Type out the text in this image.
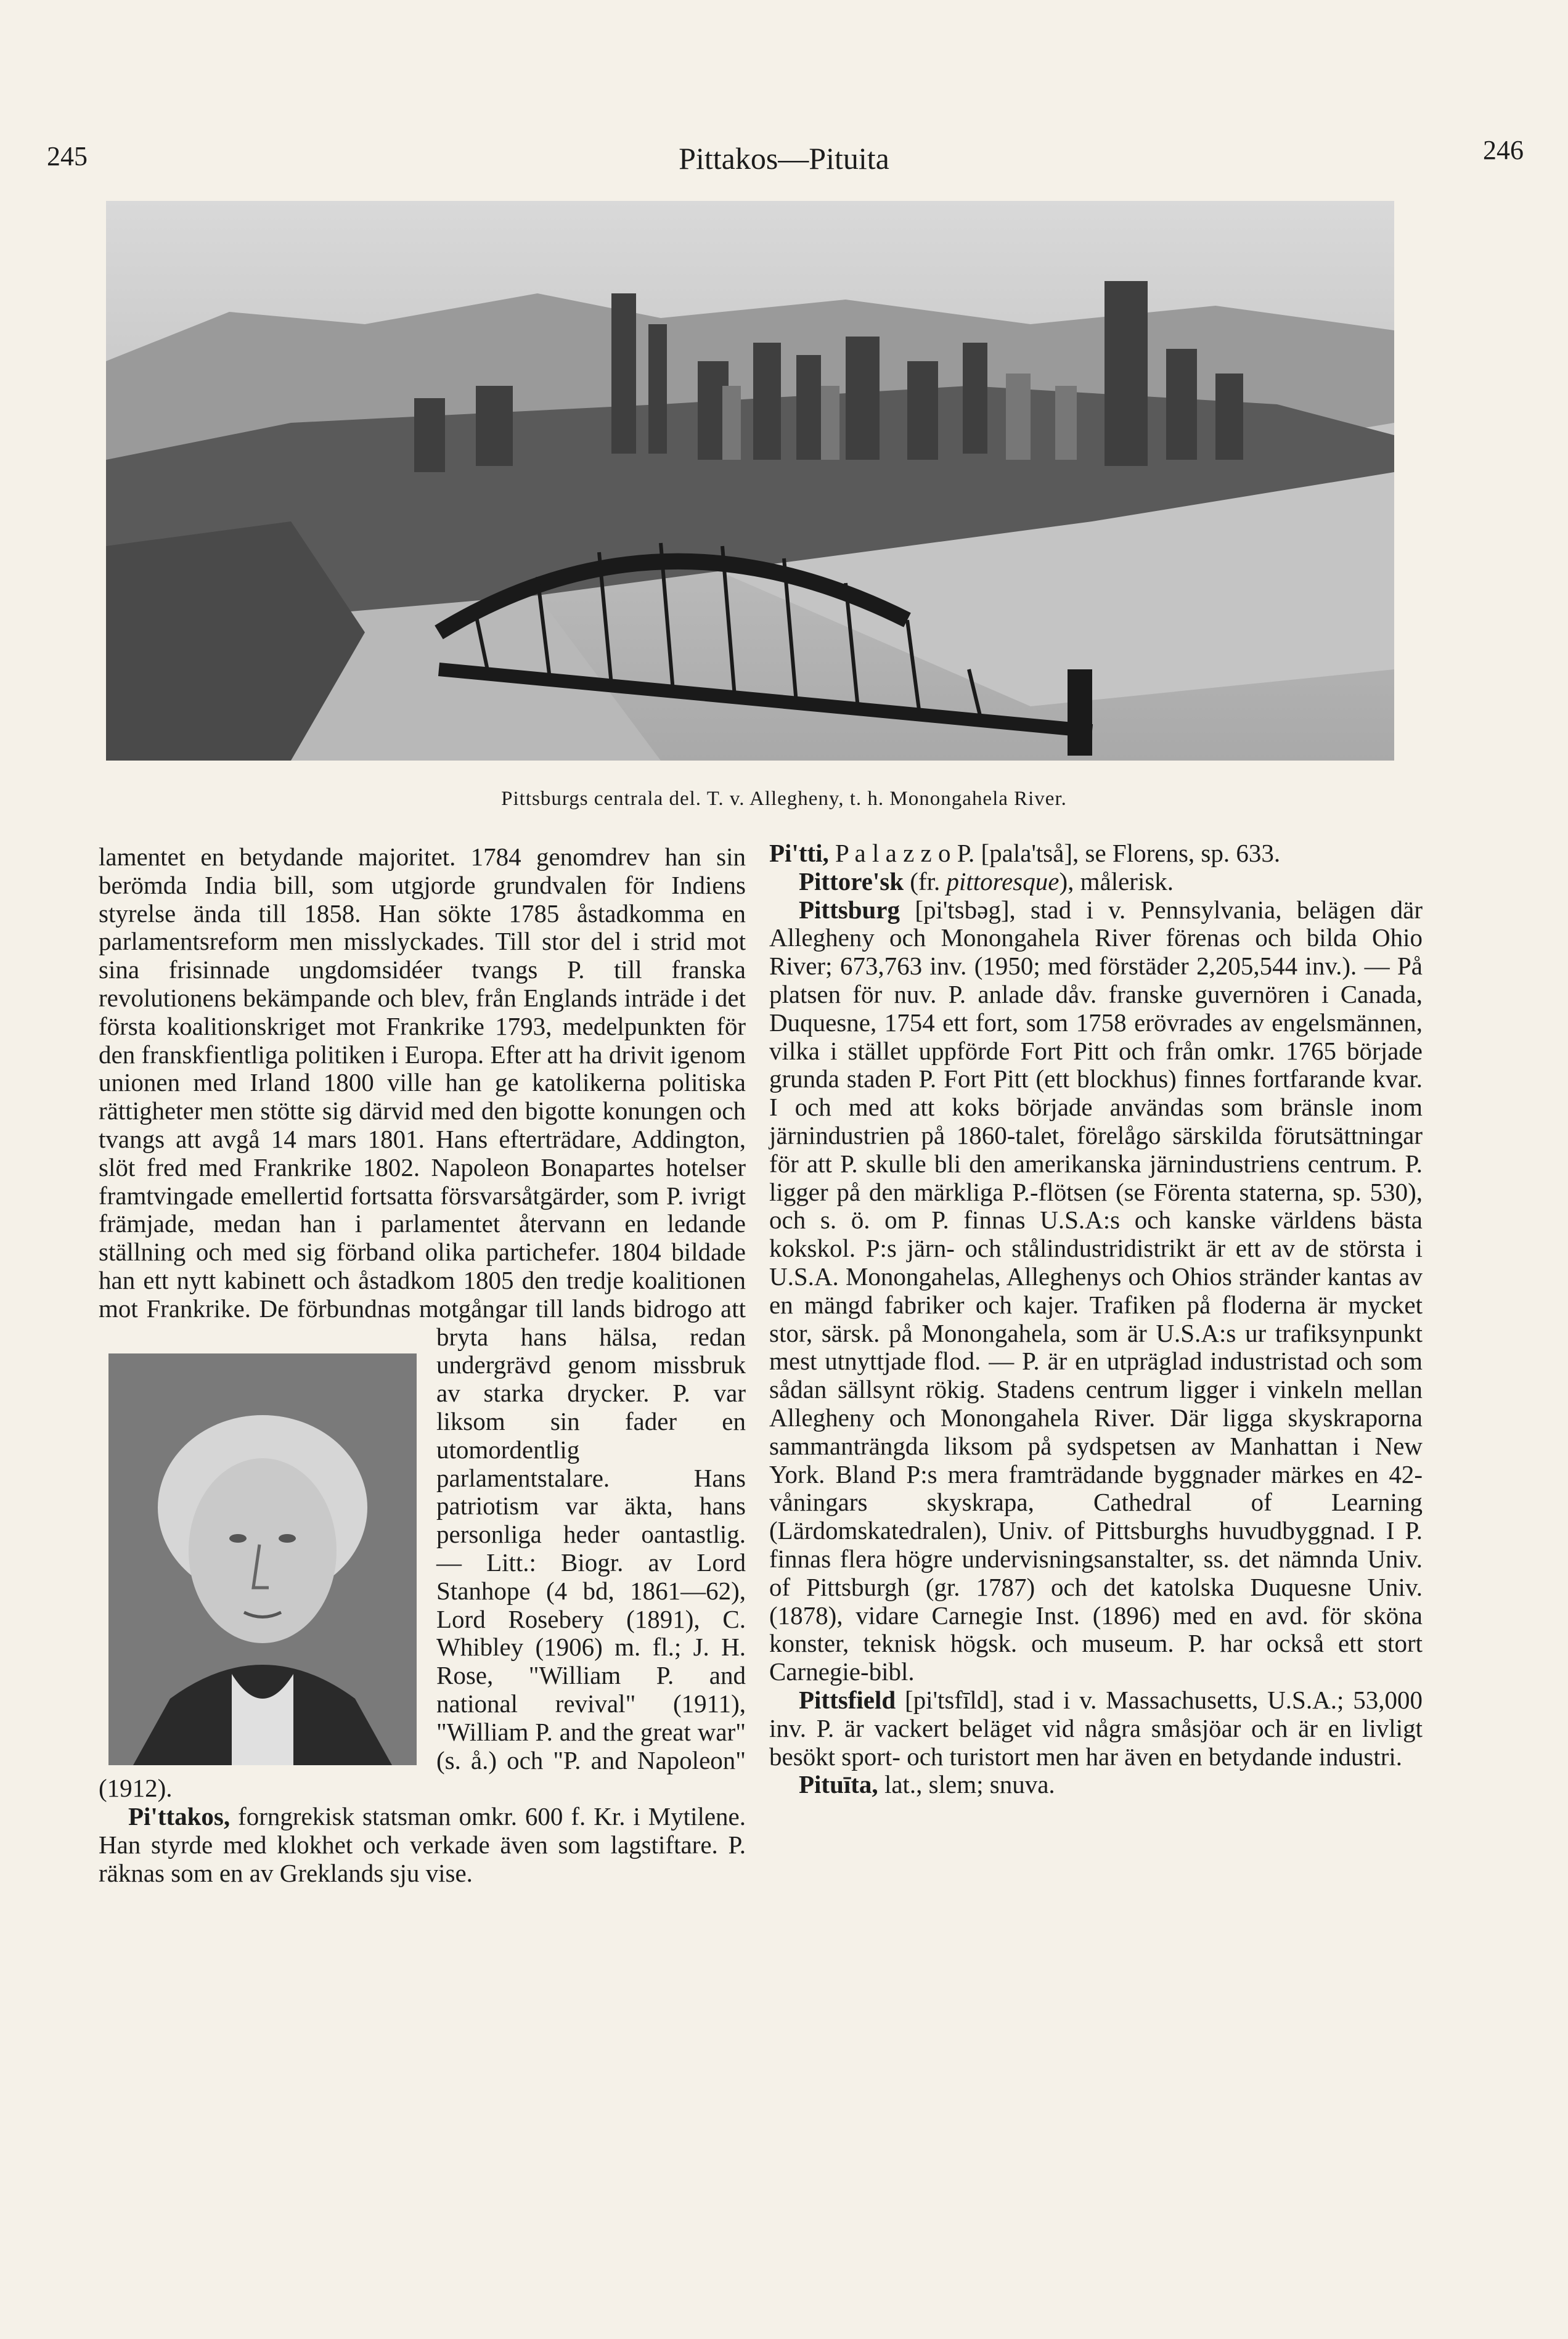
245	Pittakos—Pituita	246
Pittsburgs centrala del. T. v. Allegheny, t. h. Monongahela River.

lamentet en betydande majoritet. 1784 genomdrev han sin berömda India bill, som utgjorde grundvalen för Indiens styrelse ända till 1858. Han sökte 1785 åstadkomma en parlamentsreform men misslyckades. Till stor del i strid mot sina frisinnade ungdomsidéer tvangs P. till franska revolutionens bekämpande och blev, från Englands inträde i det första koalitionskriget mot Frankrike 1793, medelpunkten för den franskfientliga politiken i Europa. Efter att ha drivit igenom unionen med Irland 1800 ville han ge katolikerna politiska rättigheter men stötte sig därvid med den bigotte konungen och tvangs att avgå 14 mars 1801. Hans efterträdare, Addington, slöt fred med Frankrike 1802. Napoleon Bonapartes hotelser framtvingade emellertid fortsatta försvarsåtgärder, som P. ivrigt främjade, medan han i parlamentet återvann en ledande ställning och med sig förband olika partichefer. 1804 bildade han ett nytt kabinett och åstadkom 1805 den tredje koalitionen mot Frankrike. De förbundnas motgångar till lands bidrogo att bryta hans hälsa, redan undergrävd genom missbruk av starka drycker. P. var liksom sin fader en utomordentlig parlamentstalare. Hans patriotism var äkta, hans personliga heder oantastlig. — Litt.: Biogr. av Lord Stanhope (4 bd, 1861—62), Lord Rosebery (1891), C. Whibley (1906) m. fl.; J. H. Rose, "William P. and national revival" (1911), "William P. and the great war" (s. å.) och "P. and Napoleon" (1912).

Pi'ttakos, forngrekisk statsman omkr. 600 f. Kr. i Mytilene. Han styrde med klokhet och verkade även som lagstiftare. P. räknas som en av Greklands sju vise.

Pi'tti, P a l a z z o P. [pala'tså], se Florens, sp. 633.

Pittore'sk (fr. pittoresque), målerisk.

Pittsburg [pi'tsbəg], stad i v. Pennsylvania, belägen där Allegheny och Monongahela River förenas och bilda Ohio River; 673,763 inv. (1950; med förstäder 2,205,544 inv.). — På platsen för nuv. P. anlade dåv. franske guvernören i Canada, Duquesne, 1754 ett fort, som 1758 erövrades av engelsmännen, vilka i stället uppförde Fort Pitt och från omkr. 1765 började grunda staden P. Fort Pitt (ett blockhus) finnes fortfarande kvar. I och med att koks började användas som bränsle inom järnindustrien på 1860-talet, förelågo särskilda förutsättningar för att P. skulle bli den amerikanska järnindustriens centrum. P. ligger på den märkliga P.-flötsen (se Förenta staterna, sp. 530), och s. ö. om P. finnas U.S.A:s och kanske världens bästa kokskol. P:s järn- och stålindustridistrikt är ett av de största i U.S.A. Monongahelas, Alleghenys och Ohios stränder kantas av en mängd fabriker och kajer. Trafiken på floderna är mycket stor, särsk. på Monongahela, som är U.S.A:s ur trafiksynpunkt mest utnyttjade flod. — P. är en utpräglad industristad och som sådan sällsynt rökig. Stadens centrum ligger i vinkeln mellan Allegheny och Monongahela River. Där ligga skyskraporna sammanträngda liksom på sydspetsen av Manhattan i New York. Bland P:s mera framträdande byggnader märkes en 42-våningars skyskrapa, Cathedral of Learning (Lärdomskatedralen), Univ. of Pittsburghs huvudbyggnad. I P. finnas flera högre undervisningsanstalter, ss. det nämnda Univ. of Pittsburgh (gr. 1787) och det katolska Duquesne Univ. (1878), vidare Carnegie Inst. (1896) med en avd. för sköna konster, teknisk högsk. och museum. P. har också ett stort Carnegie-bibl.

Pittsfield [pi'tsfīld], stad i v. Massachusetts, U.S.A.; 53,000 inv. P. är vackert beläget vid några småsjöar och är en livligt besökt sport- och turistort men har även en betydande industri.

Pituīta, lat., slem; snuva.
